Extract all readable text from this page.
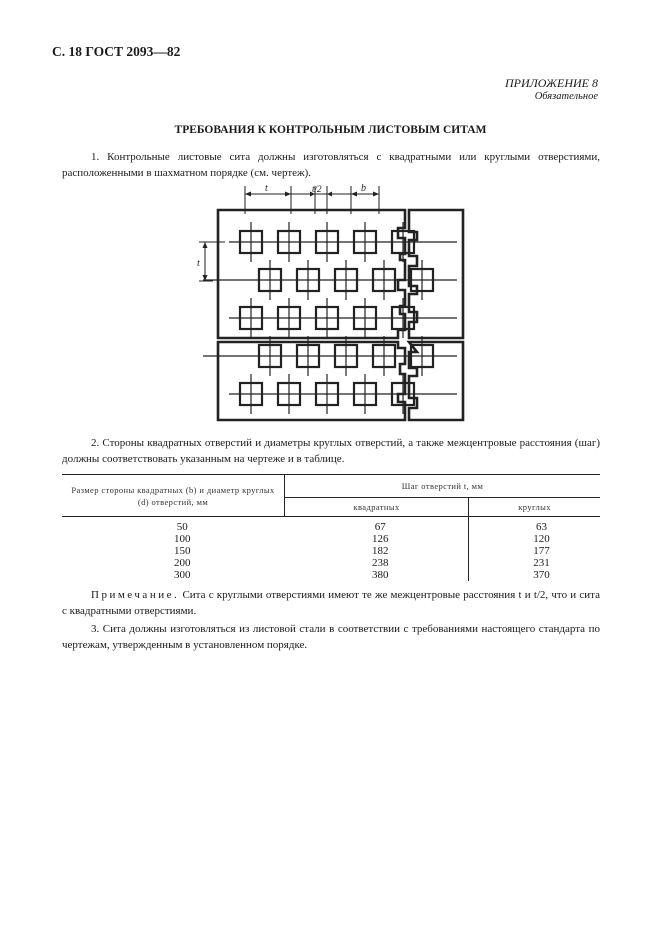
С. 18 ГОСТ 2093—82
ПРИЛОЖЕНИЕ 8
Обязательное
ТРЕБОВАНИЯ К КОНТРОЛЬНЫМ ЛИСТОВЫМ СИТАМ

1. Контрольные листовые сита должны изготовляться с квадратными или круглыми отверстиями, расположенными в шахматном порядке (см. чертеж).

t	t/2	b
t

2. Стороны квадратных отверстий и диаметры круглых отверстий, а также межцентровые расстояния (шаг) должны соответствовать указанным на чертеже и в таблице.

Размер стороны квадратных (b) и диаметр круглых (d) отверстий, мм	Шаг отверстий t, мм	
	квадратных	круглых
50	67	63
100	126	120
150	182	177
200	238	231
300	380	370

Примечание. Сита с круглыми отверстиями имеют те же межцентровые расстояния t и t/2, что и сита с квадратными отверстиями.

3. Сита должны изготовляться из листовой стали в соответствии с требованиями настоящего стандарта по чертежам, утвержденным в установленном порядке.
